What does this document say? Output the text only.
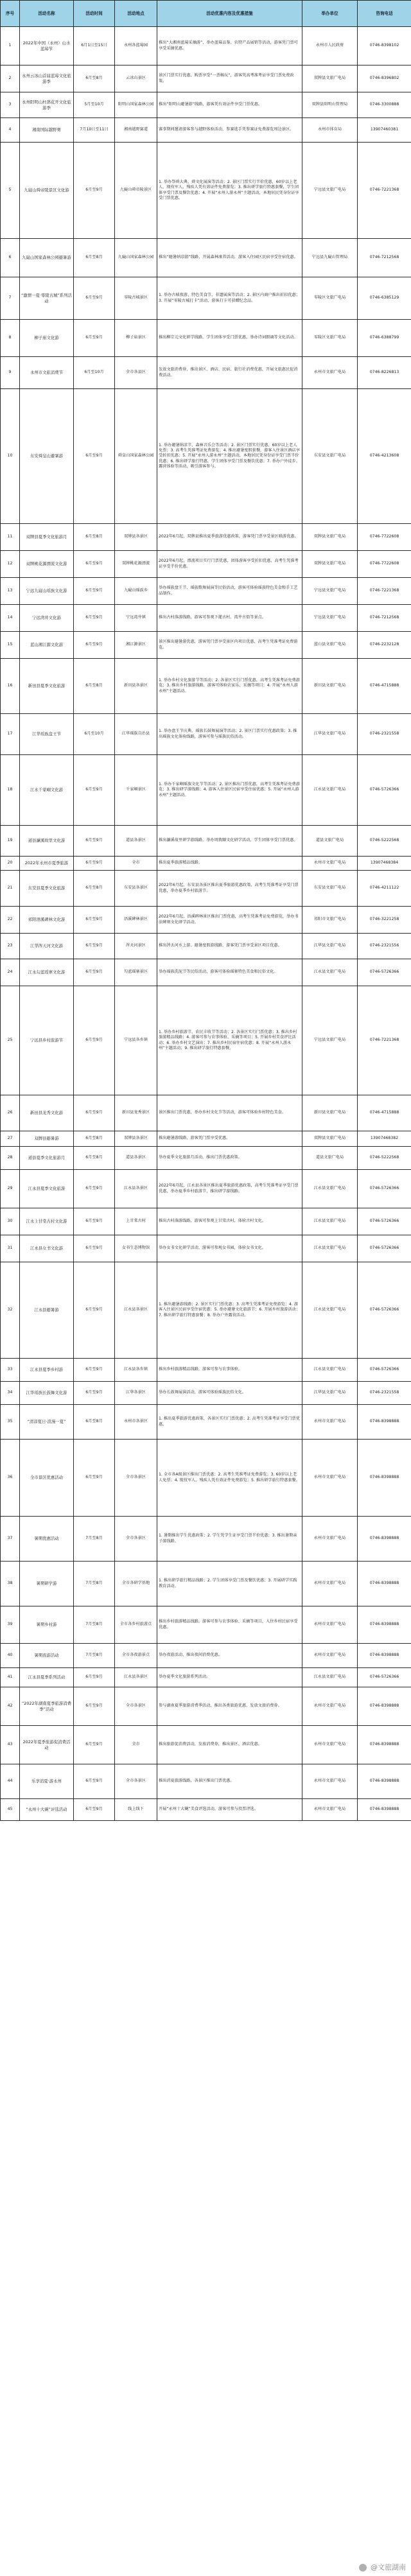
序号	活动名称	活动时间	活动地点	活动优惠内容及优惠措施	举办单位	咨询电话
1	2022年中国（永州）山水蓝莓节	6月1日至15日	永州各蓝莓园	推出“大湘南蓝莓采摘游”，举办蓝莓品鉴、农特产品展销等活动，游客凭门票可享受采摘优惠。	永州市人民政府	0746-8398102
2	永州云冰山首届蓝莓文化旅游季	6月至8月	云冰山景区	景区门票实行优惠，购票享受“一票畅玩”，游客凭高考准考证享受门票免费政策。	双牌县文旅广电局	0746-8396802
3	永州阳明山杜鹃花开文化旅游季	5月至10月	阳明山国家森林公园	推出“阳明山避暑游”线路，游客凭有效证件享受门票优惠。	双牌县阳明山管理局	0746-3300888
4	湘南国际越野赛	7月10日至11日	湘南越野赛道	赛事期间邀请游客参与越野体验活动，参赛选手凭参赛证免费游览周边景区。	永州市体育局	13907460381
5	九嶷山舜帝陵景区文化游	6月至9月	九嶷山舜帝陵景区	1. 举办祭舜大典、舜文化展演等活动；2. 景区门票实行半价优惠，60岁以上老人、现役军人、残疾人凭有效证件免费游览；3. 推出研学旅行特惠套餐，学生团体享受门票及餐饮优惠；4. 开展“永州人游永州”主题活动，本地居民凭身份证享受门票优惠。	宁远县文旅广电局	0746-7221368
6	九嶷山国家森林公园避暑游	6月至8月	九嶷山国家森林公园	推出“避暑纳凉游”线路，开展森林康养活动，游客入住园区民宿享受住宿优惠。	宁远县九嶷山管理局	0746-7212568
7	“激情一夏·零陵古城”系列活动	6月至9月	零陵古城景区	1. 举办古城夜游、特色美食节、非遗展演等活动；2. 景区内商户推出折扣优惠；3. 开展“零陵古城打卡”活动，游客打卡可获赠纪念品。	零陵区文旅广电局	0746-6385129
8	柳子庙文化游	6月至9月	柳子庙景区	推出柳宗元文化研学线路，学生团体享受门票优惠，举办诗词朗诵等文化活动。	零陵区文旅广电局	0746-6388799
9	永州市文旅消费节	6月至10月	全市各县区	发放文旅消费券，推出景区、酒店、民宿、旅行社消费优惠，开展文旅惠民促消费活动。	永州市文旅广电局	0746-8226813
10	东安舜皇山避暑游	6月至9月	舜皇山国家森林公园	1. 举办避暑纳凉节、森林音乐会等活动；2. 景区门票实行优惠，60岁以上老人免票；3. 高考生凭准考证免费游览；4. 推出避暑度假套餐，游客入住景区酒店享受折扣优惠；5. 开展“永州人游永州”主题活动，本地居民凭身份证享受门票半价优惠；6. 推出研学旅行特惠，学生团体享受门票及餐饮优惠；7. 举办户外徒步、露营体验等活动，吸引游客参与。	东安县文旅广电局	0746-4213608
11	双牌县夏季文化旅游月	6月至8月	双牌县各景区	2022年6月起，双牌县推出夏季旅游优惠政策，游客凭门票享受景区联游优惠。	双牌县文旅广电局	0746-7722608
12	双牌桃花源漂流文化游	6月至9月	双牌桃花源漂流	2022年6月起，漂流项目实行门票优惠，团体游客享受折扣优惠，高考生凭准考证享受半价优惠。	双牌县文旅广电局	0746-7722608
13	宁远九嶷山瑶族文化游	6月至9月	九嶷山瑶族乡	举办瑶族盘王节、瑶族歌舞展演等民俗活动，游客可体验瑶族特色美食和手工艺品制作。	宁远县文旅广电局	0746-7221368
14	宁远湾井文化游	6月至9月	宁远湾井镇	推出古村落游线路，游客可参观下灌古村、湾井古街等景点。	宁远县文旅广电局	0746-7212568
15	蓝山湘江源文化游	6月至9月	湘江源景区	景区推出避暑游优惠，游客凭门票享受景区内项目优惠，高考生凭准考证免费游览。	蓝山县文旅广电局	0746-2232128
16	新田县夏季文化旅游	6月至8月	新田县各景区	1. 举办乡村文化旅游节等活动；2. 各景区实行门票优惠，高考生凭准考证免费游览；3. 推出乡村旅游线路，游客可体验农家乐、采摘等项目；4. 开展“永州人游永州”主题活动。	新田县文旅广电局	0746-4715888
17	江华瑶族盘王节	6月至10月	江华瑶族自治县	1. 举办盘王节庆典、瑶族长鼓舞展演等活动；2. 景区门票实行优惠政策；3. 推出瑶族文化体验线路，游客可参与瑶族民俗活动。	江华县文旅广电局	0746-2321558
18	江永千家峒文化游	6月至9月	千家峒景区	1. 举办千家峒瑶族文化节等活动；2. 景区推出门票优惠，高考生凭准考证免费游览；3. 推出研学游线路；4. 游客入住景区民宿享受住宿优惠；5. 开展“永州人游永州”主题活动。	江永县文旅广电局	0746-5726366
19	道县濂溪故里文化游	6月至9月	道县各景区	推出濂溪故里研学游线路，举办周敦颐文化研学活动，学生团体享受门票优惠。	道县文旅广电局	0746-5222568
20	2022年永州市夏季旅游	6月至9月	全市	推出夏季旅游精品线路。	永州市文旅广电局	13907468384
21	东安县夏季文化旅游	6月至8月	东安县各景区	2022年6月起，东安县各景区推出夏季旅游优惠政策，高考生凭准考证享受门票优惠，举办夏季乡村旅游节。	东安县文旅广电局	0746-4211122
22	祁阳浯溪碑林文化游	6月至9月	浯溪碑林景区	2022年6月起，浯溪碑林景区推出门票优惠，高考生凭准考证免费游览，举办书法碑刻文化研学活动。	祁阳市文旅广电局	0746-3221258
23	江华涔天河文化游	6月至9月	涔天河景区	推出涔天河水上游、避暑度假游线路，游客凭门票享受景区项目优惠。	江华县文旅广电局	0746-2321556
24	江永勾蓝瑶寨文化游	6月至9月	勾蓝瑶寨景区	举办瑶族洗泥节等民俗活动，游客可体验瑶寨特色美食和民俗文化。	江永县文旅广电局	0746-5726366
25	宁远县乡村旅游节	6月至9月	宁远县各乡镇	1. 举办乡村旅游节、农民丰收节等活动；2. 各景区实行门票优惠；3. 推出乡村旅游精品线路；4. 游客可参与农事体验、采摘等项目；5. 开展乡村美食评比活动；6. 举办乡村文艺演出；7. 推出乡村民宿住宿优惠；8. 开展“永州人游永州”主题活动；9. 推出研学旅行特惠套餐。	宁远县文旅广电局	0746-7221368
26	新田县龙秀文化游	6月至9月	新田县龙秀景区	景区推出门票优惠，举办乡村文化节等活动，游客可体验乡村特色美食。	新田县文旅广电局	0746-4715888
27	双牌县避暑游	6月至8月	双牌县各景区	推出避暑游线路，游客凭门票享受优惠。	双牌县文旅广电局	13907468382
28	道县夏季文化旅游月	6月至8月	道县各景区	举办夏季文化旅游月活动，推出门票优惠政策。	道县文旅广电局	0746-5222568
29	江永县夏季文化旅游	6月至9月	江永县各景区	2022年6月起，江永县各景区推出夏季旅游优惠政策，高考生凭准考证享受门票优惠，举办夏季乡村旅游节，推出研学游线路。	江永县文旅广电局	0746-5726366
30	江永上甘棠古村文化游	6月至9月	上甘棠古村	推出古村落游线路，游客可参观上甘棠古村，体验古村文化。	江永县文旅广电局	0746-5726366
31	江永县女书文化游	6月至9月	女书生态博物馆	举办女书文化研学活动，游客可参观女书园，体验女书文化。	江永县文旅广电局	0746-5726366
32	江永县避暑游	6月至9月	江永县各景区	1. 推出避暑游线路；2. 景区实行门票优惠；3. 高考生凭准考证免费游览；4. 游客入住景区民宿享受住宿优惠；5. 举办避暑文化旅游节；6. 开展乡村旅游活动；7. 推出研学旅行特惠套餐；8. 举办户外露营活动。	江永县文旅广电局	0746-5726366
33	江永县夏季乡村游	6月至9月	江永县各乡镇	推出乡村旅游精品线路，游客可参与农事体验。	江永县文旅广电局	0746-5726366
34	江华瑶族长鼓舞文化游	6月至9月	江华各景区	举办长鼓舞展演活动，游客可体验瑶族民俗文化。	江华县文旅广电局	0746-2321558
35	“清凉夏日·浪漫一夏”	6月至8月	永州市各景区	1. 推出夏季旅游优惠政策，各景区实行门票优惠；2. 高考生凭准考证享受门票优惠。	永州市文旅广电局	0746-8398888
36	全市景区优惠活动	6月至9月	全市各景区	1. 全市各A级景区推出门票优惠；2. 高考生凭准考证免费游览；3. 60岁以上老人免票；4. 现役军人、残疾人凭有效证件免费游览；5. 推出研学旅行特惠套餐。	永州市文旅广电局	0746-8398888
37	暑期优惠活动	7月至8月	全市各景区	1. 暑期推出学生优惠政策；2. 学生凭学生证享受门票半价优惠；3. 推出暑期亲子游线路。	永州市文旅广电局	0746-8398888
38	暑期研学游	7月至8月	全市各研学基地	1. 推出研学旅行精品线路；2. 学生团体享受门票及餐饮优惠；3. 开展研学实践教育活动。	永州市文旅广电局	0746-8398888
39	暑期乡村游	7月至8月	全市各乡村旅游点	推出乡村旅游精品线路，游客可参与农事体验、采摘等项目，入住乡村民宿享受优惠。	永州市文旅广电局	0746-8398888
40	暑期夜游活动	7月至8月	全市各夜游景点	举办夜游活动，推出夜间消费优惠。	永州市文旅广电局	0746-8398888
41	江永县夏季系列活动	6月至9月	江永县各景区	举办夏季文化旅游系列活动。	江永县文旅广电局	0746-5726366
42	“2022年湖南夏季旅游消费季”活动	6月至9月	全市各景区	参与湖南夏季旅游消费季活动，推出各类旅游优惠，发放文旅消费券。	永州市文旅广电局	0746-8398888
43	2022年夏季旅游促消费活动	6月至9月	全市	推出旅游促消费活动，发放消费券，推出景区、酒店优惠。	永州市文旅广电局	0746-8398888
44	乐享消夏·游永州	6月至9月	全市各景区	推出消夏旅游线路，各景区推出门票优惠。	永州市文旅广电局	0746-8398888
45	“永州十大碗”评选活动	6月至9月	线上线下	开展“永州十大碗”美食评选活动，游客可参与投票评选。	永州市文旅广电局	0746-8398888
@文旅湖南
